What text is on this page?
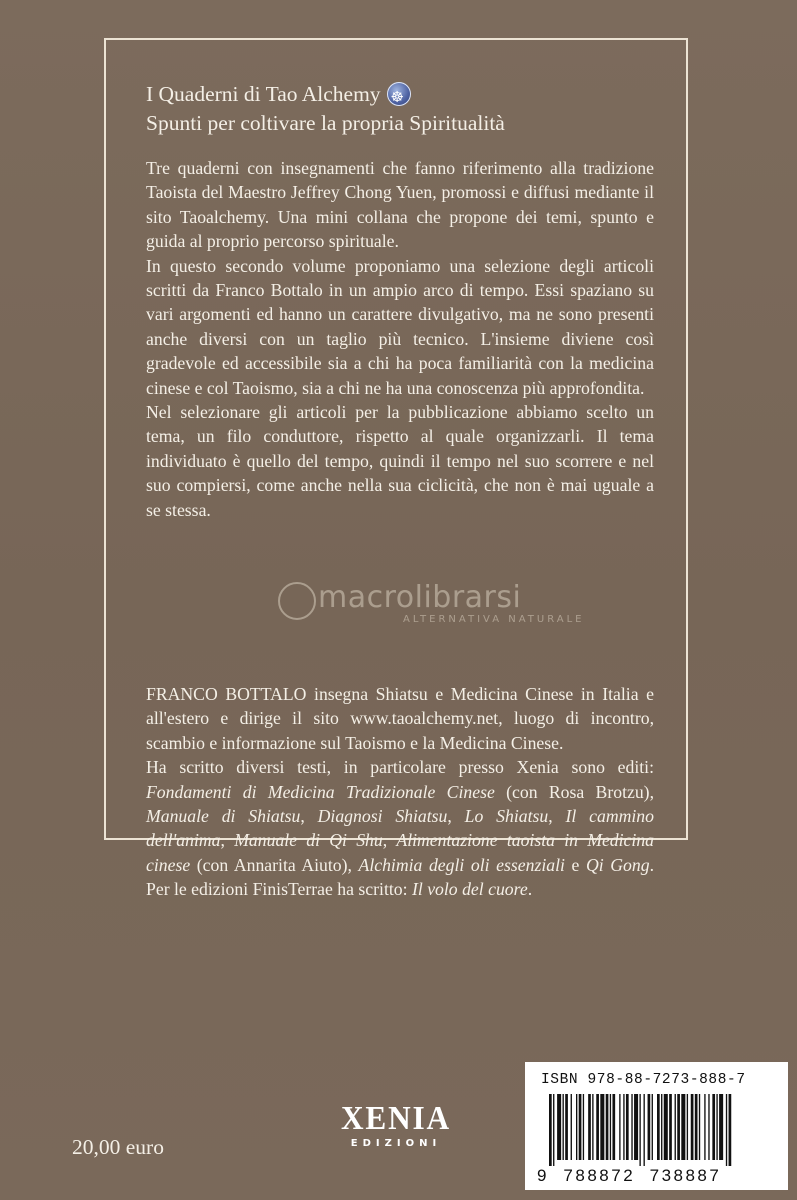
I Quaderni di Tao Alchemy☸
Spunti per coltivare la propria Spiritualità

Tre quaderni con insegnamenti che fanno riferimento alla tradizione Taoista del Maestro Jeffrey Chong Yuen, promossi e diffusi mediante il sito Taoalchemy. Una mini collana che propone dei temi, spunto e guida al proprio percorso spirituale.

In questo secondo volume proponiamo una selezione degli articoli scritti da Franco Bottalo in un ampio arco di tempo. Essi spaziano su vari argomenti ed hanno un carattere divulgativo, ma ne sono presenti anche diversi con un taglio più tecnico. L'insieme diviene così gradevole ed accessibile sia a chi ha poca familiarità con la medicina cinese e col Taoismo, sia a chi ne ha una conoscenza più approfondita.

Nel selezionare gli articoli per la pubblicazione abbiamo scelto un tema, un filo conduttore, rispetto al quale organizzarli. Il tema individuato è quello del tempo, quindi il tempo nel suo scorrere e nel suo compiersi, come anche nella sua ciclicità, che non è mai uguale a se stessa.

macrolibrarsi
ALTERNATIVA NATURALE

FRANCO BOTTALO insegna Shiatsu e Medicina Cinese in Italia e all'estero e dirige il sito www.taoalchemy.net, luogo di incontro, scambio e informazione sul Taoismo e la Medicina Cinese.

Ha scritto diversi testi, in particolare presso Xenia sono editi: Fondamenti di Medicina Tradizionale Cinese (con Rosa Brotzu), Manuale di Shiatsu, Diagnosi Shiatsu, Lo Shiatsu, Il cammino dell'anima, Manuale di Qi Shu, Alimentazione taoista in Medicina cinese (con Annarita Aiuto), Alchimia degli oli essenziali e Qi Gong. Per le edizioni FinisTerrae ha scritto: Il volo del cuore.

20,00 euro
XENIA
EDIZIONI
ISBN 978-88-7273-888-7
9 788872 738887
